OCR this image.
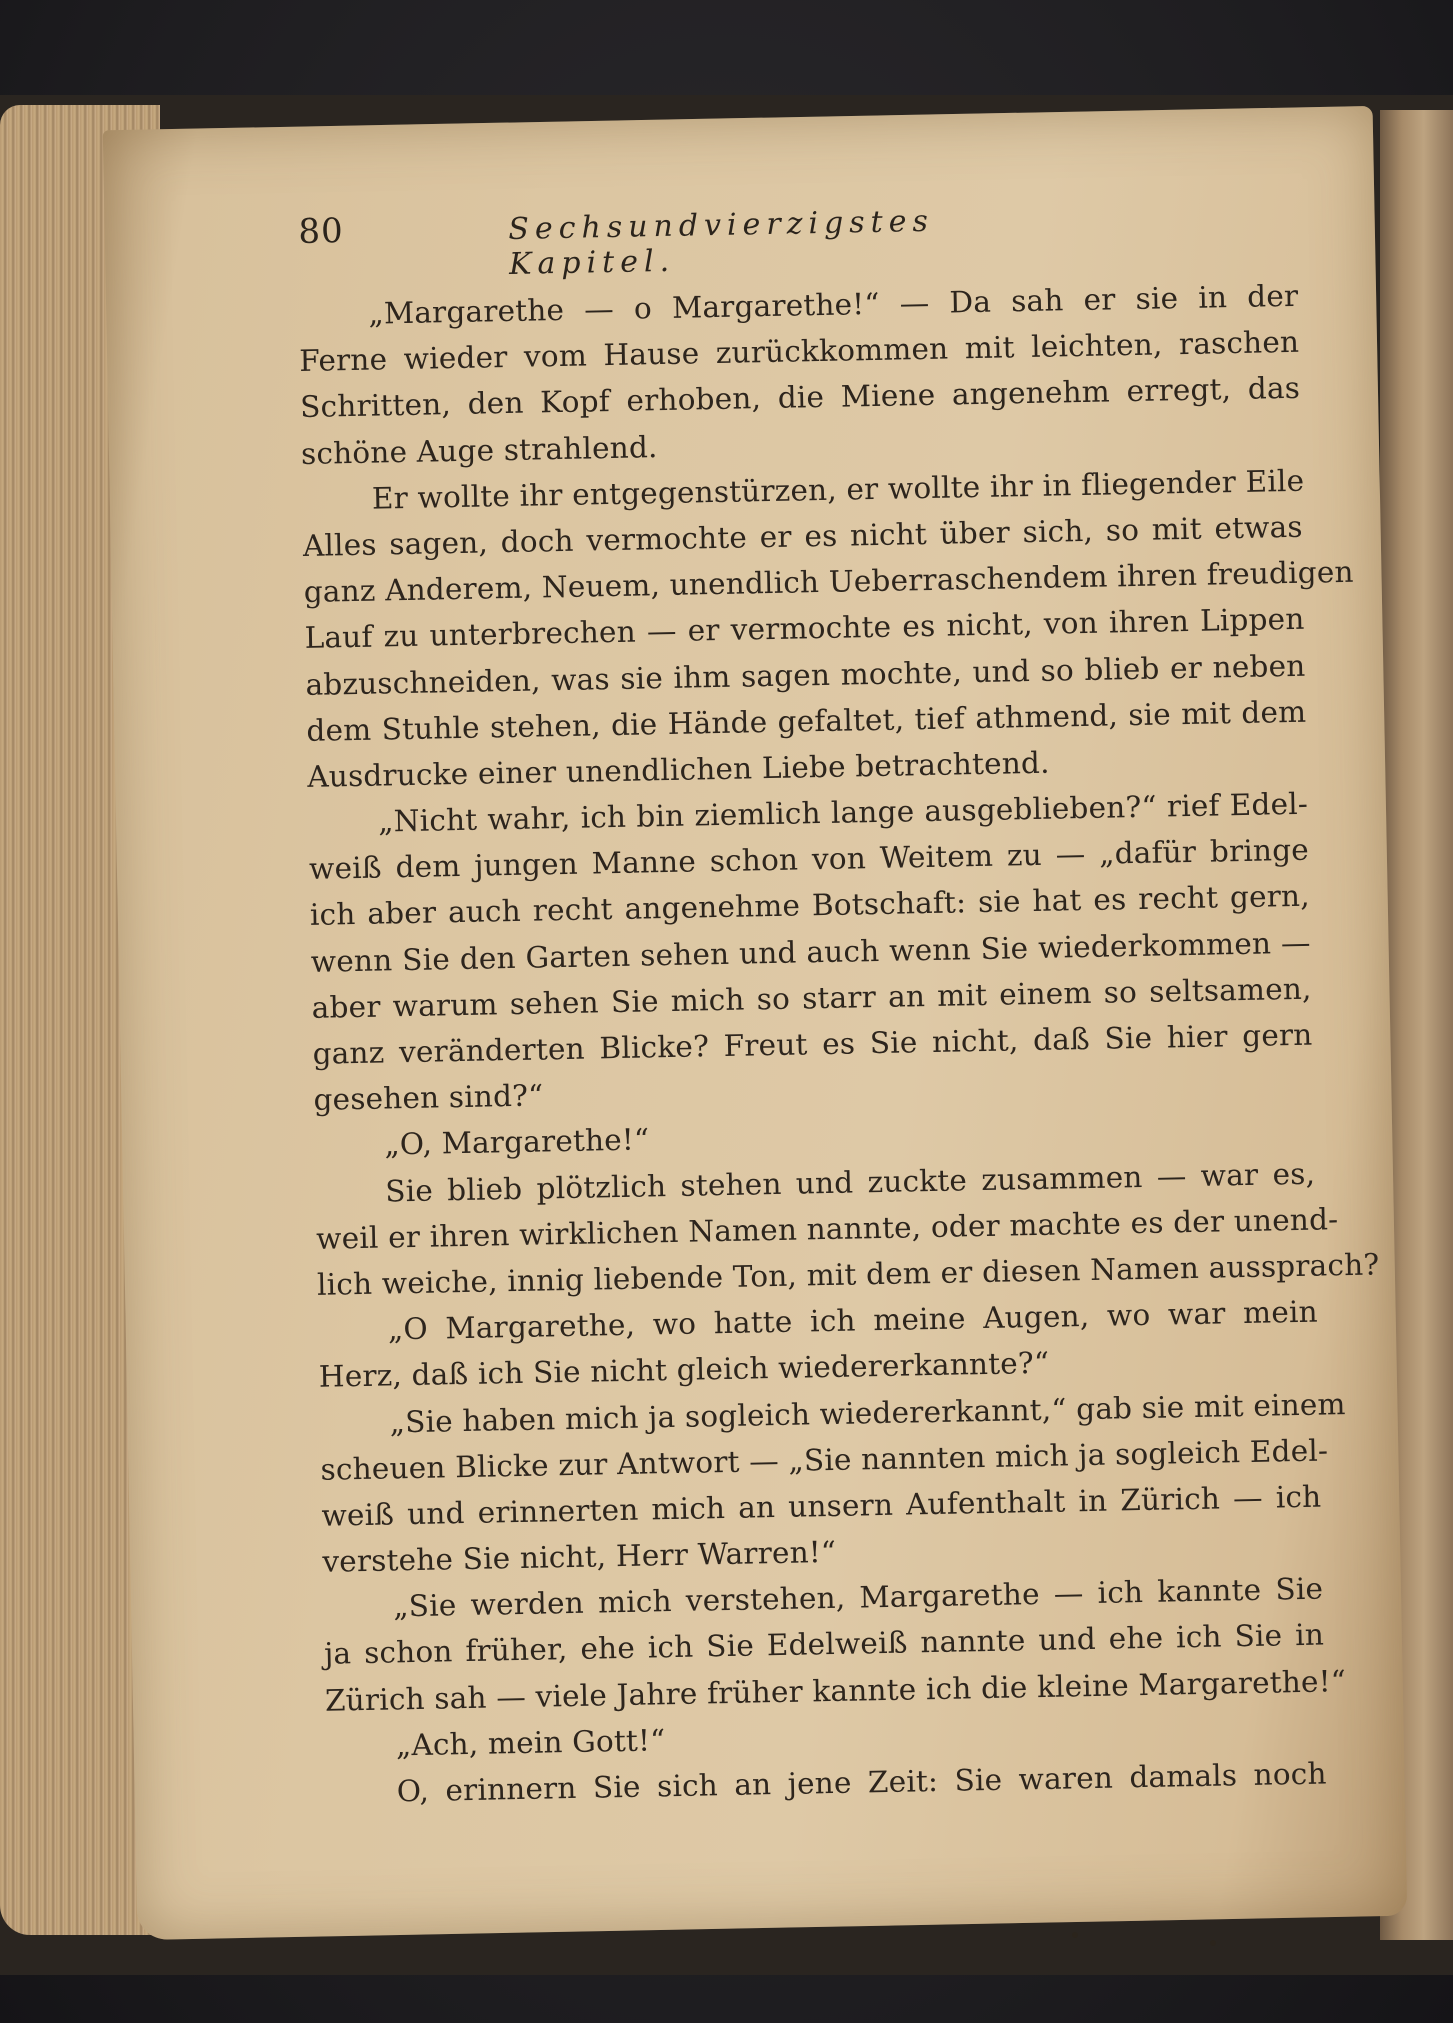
80	Sechsundvierzigstes Kapitel.
„Margarethe — o Margarethe!“ — Da sah er sie in der
Ferne wieder vom Hause zurückkommen mit leichten, raschen
Schritten, den Kopf erhoben, die Miene angenehm erregt, das
schöne Auge strahlend.
Er wollte ihr entgegenstürzen, er wollte ihr in fliegender Eile
Alles sagen, doch vermochte er es nicht über sich, so mit etwas
ganz Anderem, Neuem, unendlich Ueberraschendem ihren freudigen
Lauf zu unterbrechen — er vermochte es nicht, von ihren Lippen
abzuschneiden, was sie ihm sagen mochte, und so blieb er neben
dem Stuhle stehen, die Hände gefaltet, tief athmend, sie mit dem
Ausdrucke einer unendlichen Liebe betrachtend.
„Nicht wahr, ich bin ziemlich lange ausgeblieben?“ rief Edel-
weiß dem jungen Manne schon von Weitem zu — „dafür bringe
ich aber auch recht angenehme Botschaft: sie hat es recht gern,
wenn Sie den Garten sehen und auch wenn Sie wiederkommen —
aber warum sehen Sie mich so starr an mit einem so seltsamen,
ganz veränderten Blicke? Freut es Sie nicht, daß Sie hier gern
gesehen sind?“
„O, Margarethe!“
Sie blieb plötzlich stehen und zuckte zusammen — war es,
weil er ihren wirklichen Namen nannte, oder machte es der unend-
lich weiche, innig liebende Ton, mit dem er diesen Namen aussprach?
„O Margarethe, wo hatte ich meine Augen, wo war mein
Herz, daß ich Sie nicht gleich wiedererkannte?“
„Sie haben mich ja sogleich wiedererkannt,“ gab sie mit einem
scheuen Blicke zur Antwort — „Sie nannten mich ja sogleich Edel-
weiß und erinnerten mich an unsern Aufenthalt in Zürich — ich
verstehe Sie nicht, Herr Warren!“
„Sie werden mich verstehen, Margarethe — ich kannte Sie
ja schon früher, ehe ich Sie Edelweiß nannte und ehe ich Sie in
Zürich sah — viele Jahre früher kannte ich die kleine Margarethe!“
„Ach, mein Gott!“
O, erinnern Sie sich an jene Zeit: Sie waren damals noch
